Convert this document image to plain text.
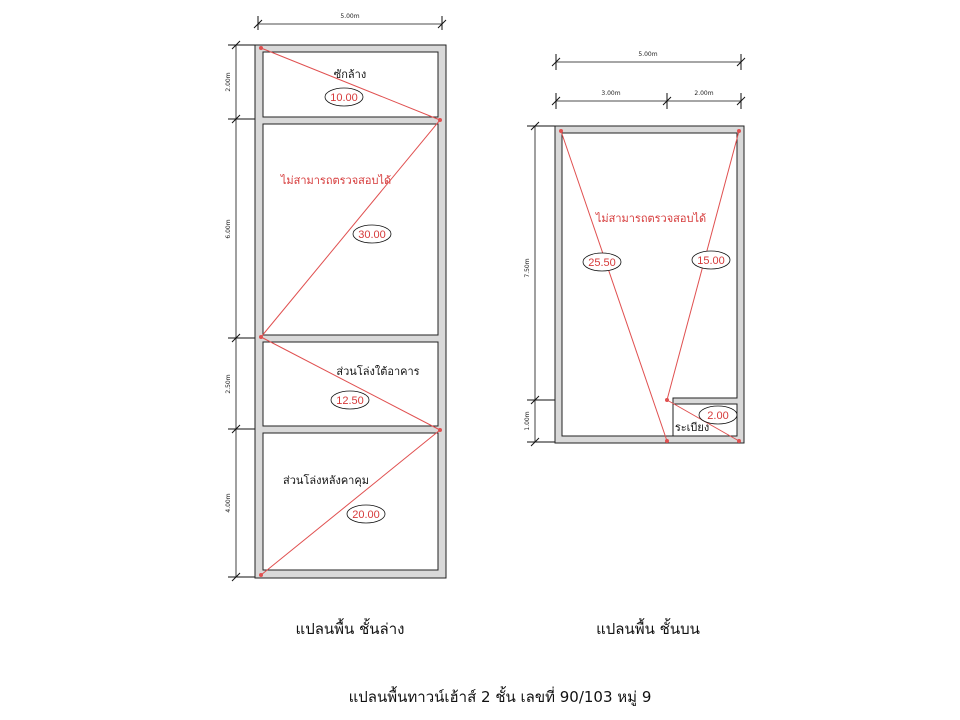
5.00m
2.00m
6.00m
2.50m
4.00m
ซักล้าง
10.00
ไม่สามารถตรวจสอบได้
30.00
ส่วนโล่งใต้อาคาร
12.50
ส่วนโล่งหลังคาคุม
20.00
แปลนพื้น ชั้นล่าง
5.00m
3.00m	2.00m
7.50m
1.00m
ไม่สามารถตรวจสอบได้
25.50	15.00
2.00
ระเบียง
แปลนพื้น ชั้นบน
แปลนพื้นทาวน์เฮ้าส์ 2 ชั้น เลขที่ 90/103 หมู่ 9
